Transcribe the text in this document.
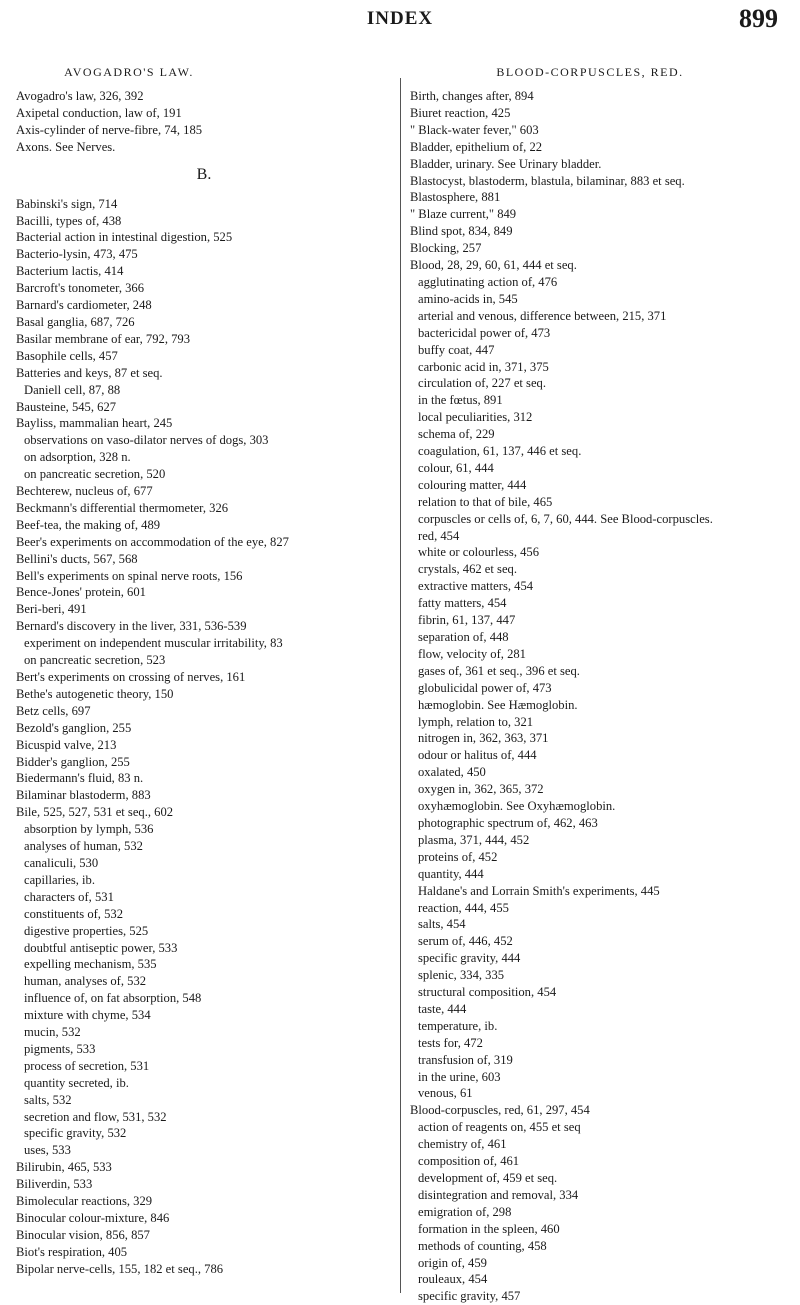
INDEX	899
AVOGADRO'S LAW.
Avogadro's law, 326, 392
Axipetal conduction, law of, 191
Axis-cylinder of nerve-fibre, 74, 185
Axons. See Nerves.
B.
Babinski's sign, 714
Bacilli, types of, 438
Bacterial action in intestinal digestion, 525
Bacterio-lysin, 473, 475
Bacterium lactis, 414
Barcroft's tonometer, 366
Barnard's cardiometer, 248
Basal ganglia, 687, 726
Basilar membrane of ear, 792, 793
Basophile cells, 457
Batteries and keys, 87 et seq.
Daniell cell, 87, 88
Bausteine, 545, 627
Bayliss, mammalian heart, 245
observations on vaso-dilator nerves of dogs, 303
on adsorption, 328 n.
on pancreatic secretion, 520
Bechterew, nucleus of, 677
Beckmann's differential thermometer, 326
Beef-tea, the making of, 489
Beer's experiments on accommodation of the eye, 827
Bellini's ducts, 567, 568
Bell's experiments on spinal nerve roots, 156
Bence-Jones' protein, 601
Beri-beri, 491
Bernard's discovery in the liver, 331, 536-539
experiment on independent muscular irritability, 83
on pancreatic secretion, 523
Bert's experiments on crossing of nerves, 161
Bethe's autogenetic theory, 150
Betz cells, 697
Bezold's ganglion, 255
Bicuspid valve, 213
Bidder's ganglion, 255
Biedermann's fluid, 83 n.
Bilaminar blastoderm, 883
Bile, 525, 527, 531 et seq., 602
absorption by lymph, 536
analyses of human, 532
canaliculi, 530
capillaries, ib.
characters of, 531
constituents of, 532
digestive properties, 525
doubtful antiseptic power, 533
expelling mechanism, 535
human, analyses of, 532
influence of, on fat absorption, 548
mixture with chyme, 534
mucin, 532
pigments, 533
process of secretion, 531
quantity secreted, ib.
salts, 532
secretion and flow, 531, 532
specific gravity, 532
uses, 533
Bilirubin, 465, 533
Biliverdin, 533
Bimolecular reactions, 329
Binocular colour-mixture, 846
Binocular vision, 856, 857
Biot's respiration, 405
Bipolar nerve-cells, 155, 182 et seq., 786
BLOOD-CORPUSCLES, RED.
Birth, changes after, 894
Biuret reaction, 425
" Black-water fever," 603
Bladder, epithelium of, 22
Bladder, urinary. See Urinary bladder.
Blastocyst, blastoderm, blastula, bilaminar, 883 et seq.
Blastosphere, 881
" Blaze current," 849
Blind spot, 834, 849
Blocking, 257
Blood, 28, 29, 60, 61, 444 et seq.
agglutinating action of, 476
amino-acids in, 545
arterial and venous, difference between, 215, 371
bactericidal power of, 473
buffy coat, 447
carbonic acid in, 371, 375
circulation of, 227 et seq.
in the fœtus, 891
local peculiarities, 312
schema of, 229
coagulation, 61, 137, 446 et seq.
colour, 61, 444
colouring matter, 444
relation to that of bile, 465
corpuscles or cells of, 6, 7, 60, 444. See Blood-corpuscles.
red, 454
white or colourless, 456
crystals, 462 et seq.
extractive matters, 454
fatty matters, 454
fibrin, 61, 137, 447
separation of, 448
flow, velocity of, 281
gases of, 361 et seq., 396 et seq.
globulicidal power of, 473
hæmoglobin. See Hæmoglobin.
lymph, relation to, 321
nitrogen in, 362, 363, 371
odour or halitus of, 444
oxalated, 450
oxygen in, 362, 365, 372
oxyhæmoglobin. See Oxyhæmoglobin.
photographic spectrum of, 462, 463
plasma, 371, 444, 452
proteins of, 452
quantity, 444
Haldane's and Lorrain Smith's experiments, 445
reaction, 444, 455
salts, 454
serum of, 446, 452
specific gravity, 444
splenic, 334, 335
structural composition, 454
taste, 444
temperature, ib.
tests for, 472
transfusion of, 319
in the urine, 603
venous, 61
Blood-corpuscles, red, 61, 297, 454
action of reagents on, 455 et seq
chemistry of, 461
composition of, 461
development of, 459 et seq.
disintegration and removal, 334
emigration of, 298
formation in the spleen, 460
methods of counting, 458
origin of, 459
rouleaux, 454
specific gravity, 457
